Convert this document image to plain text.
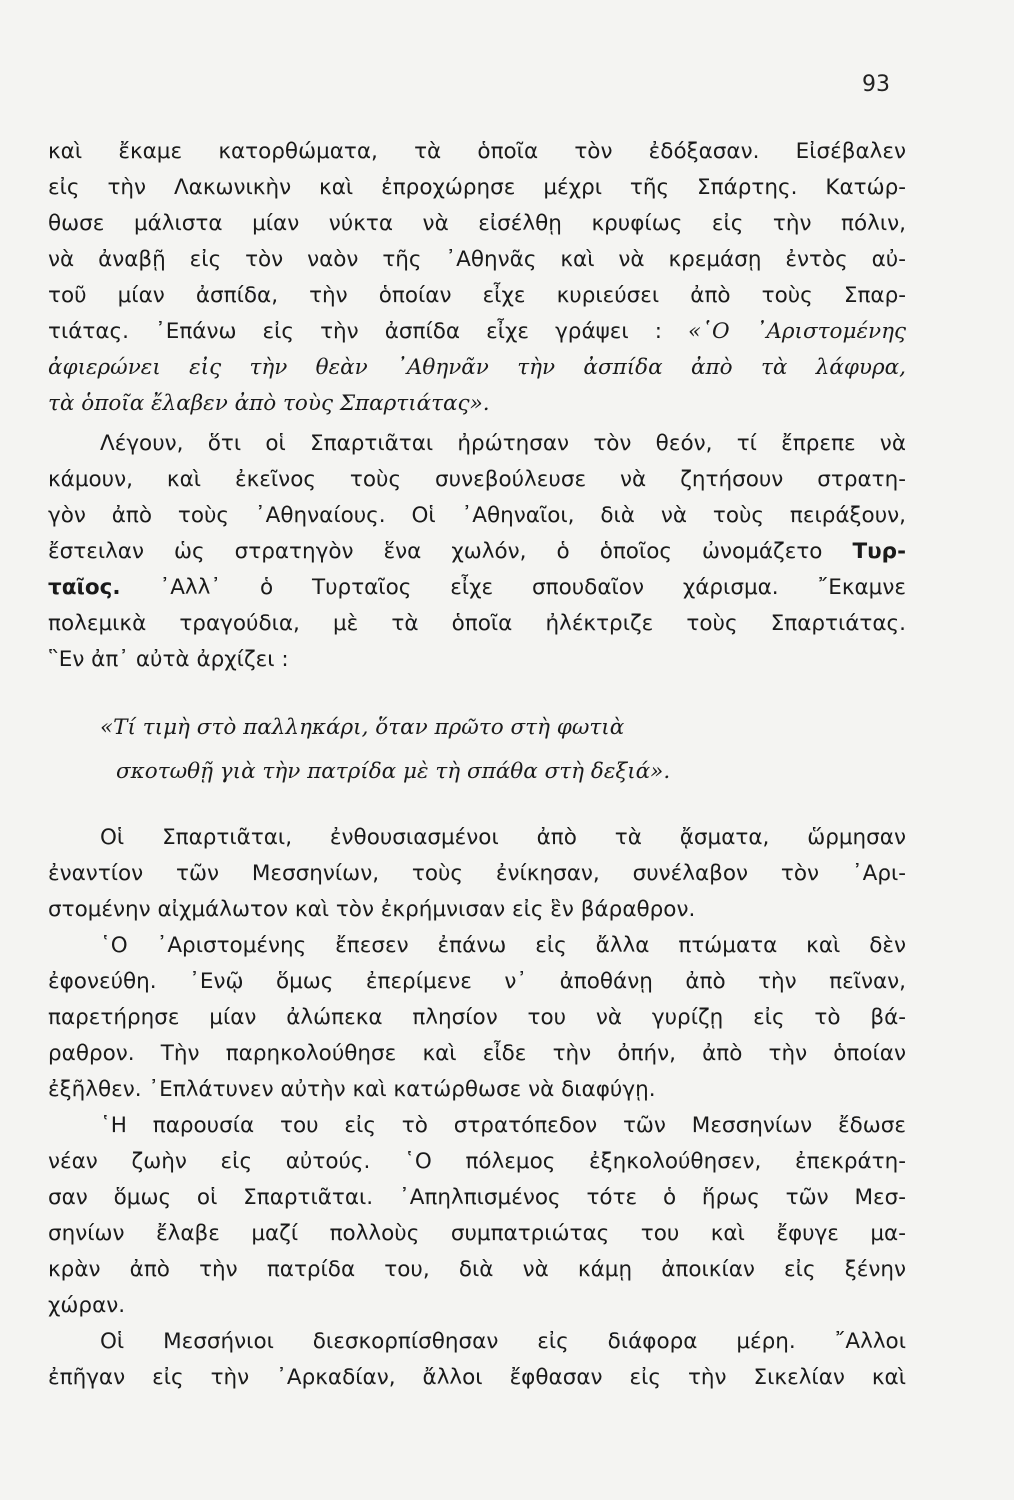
93
καὶ ἔκαμε κατορθώματα, τὰ ὁποῖα τὸν ἐδόξασαν. Εἰσέβαλεν
εἰς τὴν Λακωνικὴν καὶ ἐπροχώρησε μέχρι τῆς Σπάρτης. Κατώρ-
θωσε μάλιστα μίαν νύκτα νὰ εἰσέλθῃ κρυφίως εἰς τὴν πόλιν,
νὰ ἀναβῇ εἰς τὸν ναὸν τῆς ᾿Αθηνᾶς καὶ νὰ κρεμάσῃ ἐντὸς αὐ-
τοῦ μίαν ἀσπίδα, τὴν ὁποίαν εἶχε κυριεύσει ἀπὸ τοὺς Σπαρ-
τιάτας. ᾿Επάνω εἰς τὴν ἀσπίδα εἶχε γράψει : «῾Ο ᾿Αριστομένης
ἀφιερώνει εἰς τὴν θεὰν ᾿Αθηνᾶν τὴν ἀσπίδα ἀπὸ τὰ λάφυρα,
τὰ ὁποῖα ἔλαβεν ἀπὸ τοὺς Σπαρτιάτας».
Λέγουν, ὅτι οἱ Σπαρτιᾶται ἠρώτησαν τὸν θεόν, τί ἔπρεπε νὰ
κάμουν, καὶ ἐκεῖνος τοὺς συνεβούλευσε νὰ ζητήσουν στρατη-
γὸν ἀπὸ τοὺς ᾿Αθηναίους. Οἱ ᾿Αθηναῖοι, διὰ νὰ τοὺς πειράξουν,
ἔστειλαν ὡς στρατηγὸν ἕνα χωλόν, ὁ ὁποῖος ὠνομάζετο Τυρ-
ταῖος. ᾿Αλλ᾿ ὁ Τυρταῖος εἶχε σπουδαῖον χάρισμα. ῎Εκαμνε
πολεμικὰ τραγούδια, μὲ τὰ ὁποῖα ἠλέκτριζε τοὺς Σπαρτιάτας.
῝Εν ἀπ᾿ αὐτὰ ἀρχίζει :
«Τί τιμὴ στὸ παλληκάρι, ὅταν πρῶτο στὴ φωτιὰ
σκοτωθῇ γιὰ τὴν πατρίδα μὲ τὴ σπάθα στὴ δεξιά».
Οἱ Σπαρτιᾶται, ἐνθουσιασμένοι ἀπὸ τὰ ᾄσματα, ὥρμησαν
ἐναντίον τῶν Μεσσηνίων, τοὺς ἐνίκησαν, συνέλαβον τὸν ᾿Αρι-
στομένην αἰχμάλωτον καὶ τὸν ἐκρήμνισαν εἰς ἓν βάραθρον.
῾Ο ᾿Αριστομένης ἔπεσεν ἐπάνω εἰς ἄλλα πτώματα καὶ δὲν
ἐφονεύθη. ᾿Ενῷ ὅμως ἐπερίμενε ν᾿ ἀποθάνῃ ἀπὸ τὴν πεῖναν,
παρετήρησε μίαν ἀλώπεκα πλησίον του νὰ γυρίζῃ εἰς τὸ βά-
ραθρον. Τὴν παρηκολούθησε καὶ εἶδε τὴν ὀπήν, ἀπὸ τὴν ὁποίαν
ἐξῆλθεν. ᾿Επλάτυνεν αὐτὴν καὶ κατώρθωσε νὰ διαφύγῃ.
῾Η παρουσία του εἰς τὸ στρατόπεδον τῶν Μεσσηνίων ἔδωσε
νέαν ζωὴν εἰς αὐτούς. ῾Ο πόλεμος ἐξηκολούθησεν, ἐπεκράτη-
σαν ὅμως οἱ Σπαρτιᾶται. ᾿Απηλπισμένος τότε ὁ ἥρως τῶν Μεσ-
σηνίων ἔλαβε μαζί πολλοὺς συμπατριώτας του καὶ ἔφυγε μα-
κρὰν ἀπὸ τὴν πατρίδα του, διὰ νὰ κάμῃ ἀποικίαν εἰς ξένην
χώραν.
Οἱ Μεσσήνιοι διεσκορπίσθησαν εἰς διάφορα μέρη. ῎Αλλοι
ἐπῆγαν εἰς τὴν ᾿Αρκαδίαν, ἄλλοι ἔφθασαν εἰς τὴν Σικελίαν καὶ
